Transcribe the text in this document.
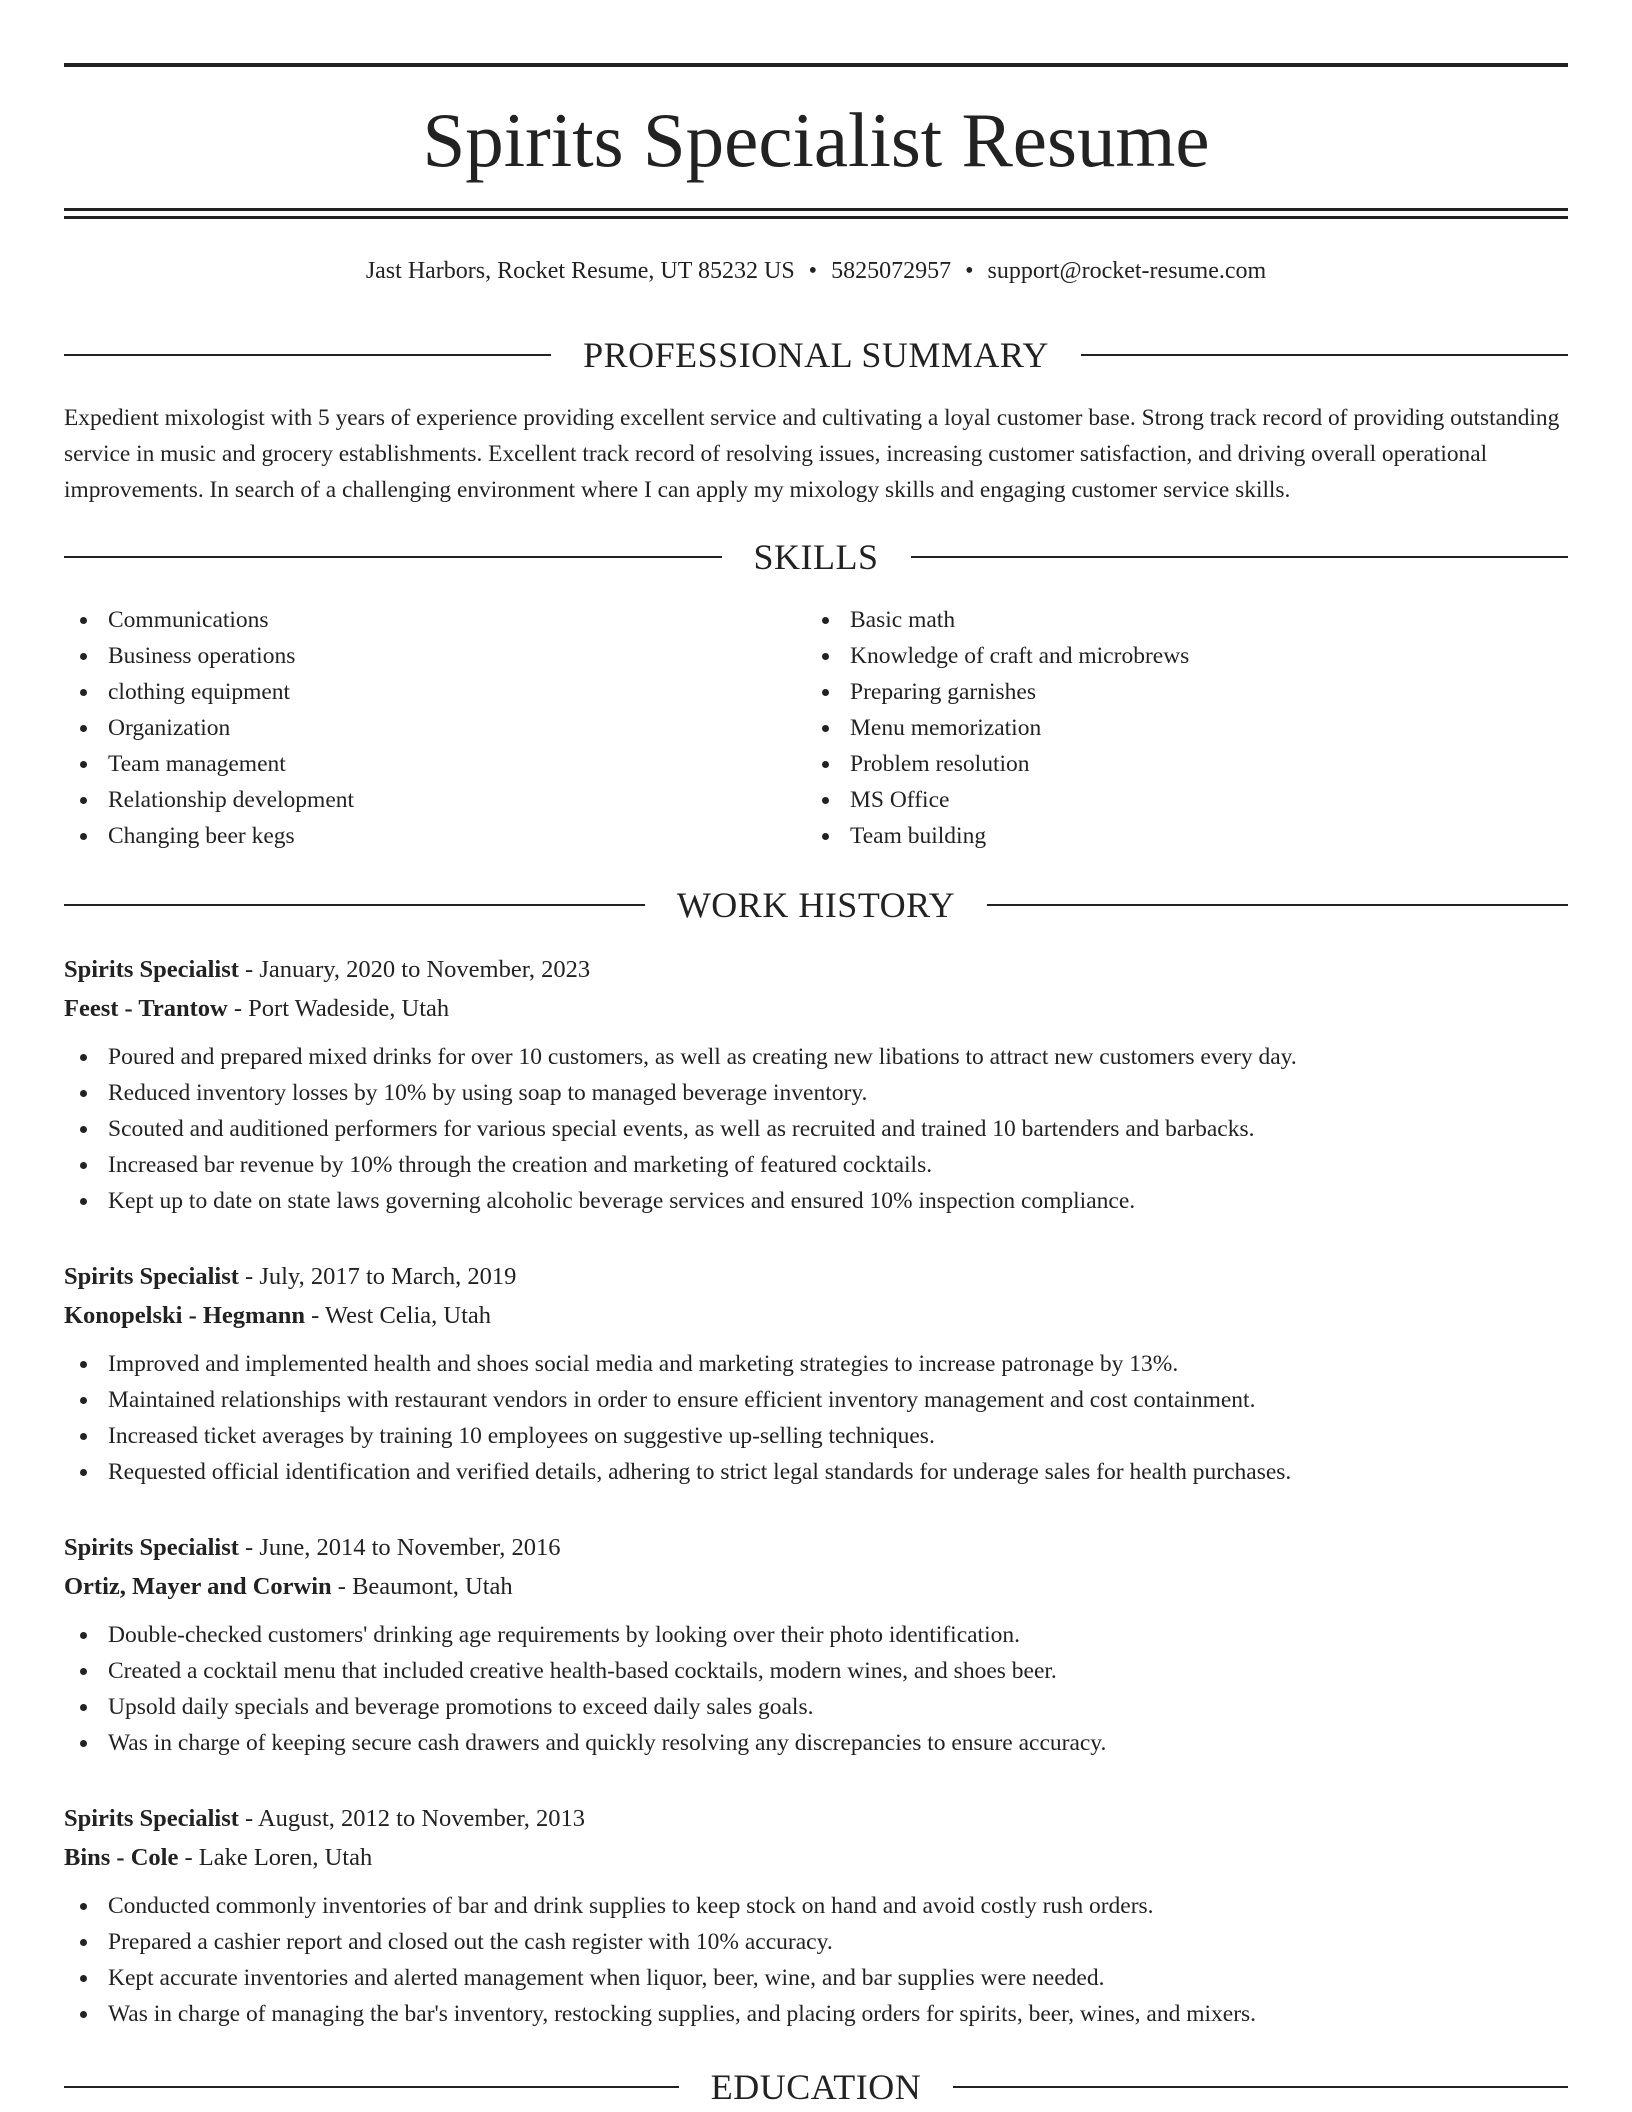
Spirits Specialist Resume
Jast Harbors, Rocket Resume, UT 85232 US • 5825072957 • support@rocket-resume.com
PROFESSIONAL SUMMARY

Expedient mixologist with 5 years of experience providing excellent service and cultivating a loyal customer base. Strong track record of providing outstanding service in music and grocery establishments. Excellent track record of resolving issues, increasing customer satisfaction, and driving overall operational improvements. In search of a challenging environment where I can apply my mixology skills and engaging customer service skills.

SKILLS
Communications
Business operations
clothing equipment
Organization
Team management
Relationship development
Changing beer kegs
Basic math
Knowledge of craft and microbrews
Preparing garnishes
Menu memorization
Problem resolution
MS Office
Team building
WORK HISTORY
Spirits Specialist - January, 2020 to November, 2023
Feest - Trantow - Port Wadeside, Utah
Poured and prepared mixed drinks for over 10 customers, as well as creating new libations to attract new customers every day.
Reduced inventory losses by 10% by using soap to managed beverage inventory.
Scouted and auditioned performers for various special events, as well as recruited and trained 10 bartenders and barbacks.
Increased bar revenue by 10% through the creation and marketing of featured cocktails.
Kept up to date on state laws governing alcoholic beverage services and ensured 10% inspection compliance.
Spirits Specialist - July, 2017 to March, 2019
Konopelski - Hegmann - West Celia, Utah
Improved and implemented health and shoes social media and marketing strategies to increase patronage by 13%.
Maintained relationships with restaurant vendors in order to ensure efficient inventory management and cost containment.
Increased ticket averages by training 10 employees on suggestive up-selling techniques.
Requested official identification and verified details, adhering to strict legal standards for underage sales for health purchases.
Spirits Specialist - June, 2014 to November, 2016
Ortiz, Mayer and Corwin - Beaumont, Utah
Double-checked customers' drinking age requirements by looking over their photo identification.
Created a cocktail menu that included creative health-based cocktails, modern wines, and shoes beer.
Upsold daily specials and beverage promotions to exceed daily sales goals.
Was in charge of keeping secure cash drawers and quickly resolving any discrepancies to ensure accuracy.
Spirits Specialist - August, 2012 to November, 2013
Bins - Cole - Lake Loren, Utah
Conducted commonly inventories of bar and drink supplies to keep stock on hand and avoid costly rush orders.
Prepared a cashier report and closed out the cash register with 10% accuracy.
Kept accurate inventories and alerted management when liquor, beer, wine, and bar supplies were needed.
Was in charge of managing the bar's inventory, restocking supplies, and placing orders for spirits, beer, wines, and mixers.
EDUCATION
